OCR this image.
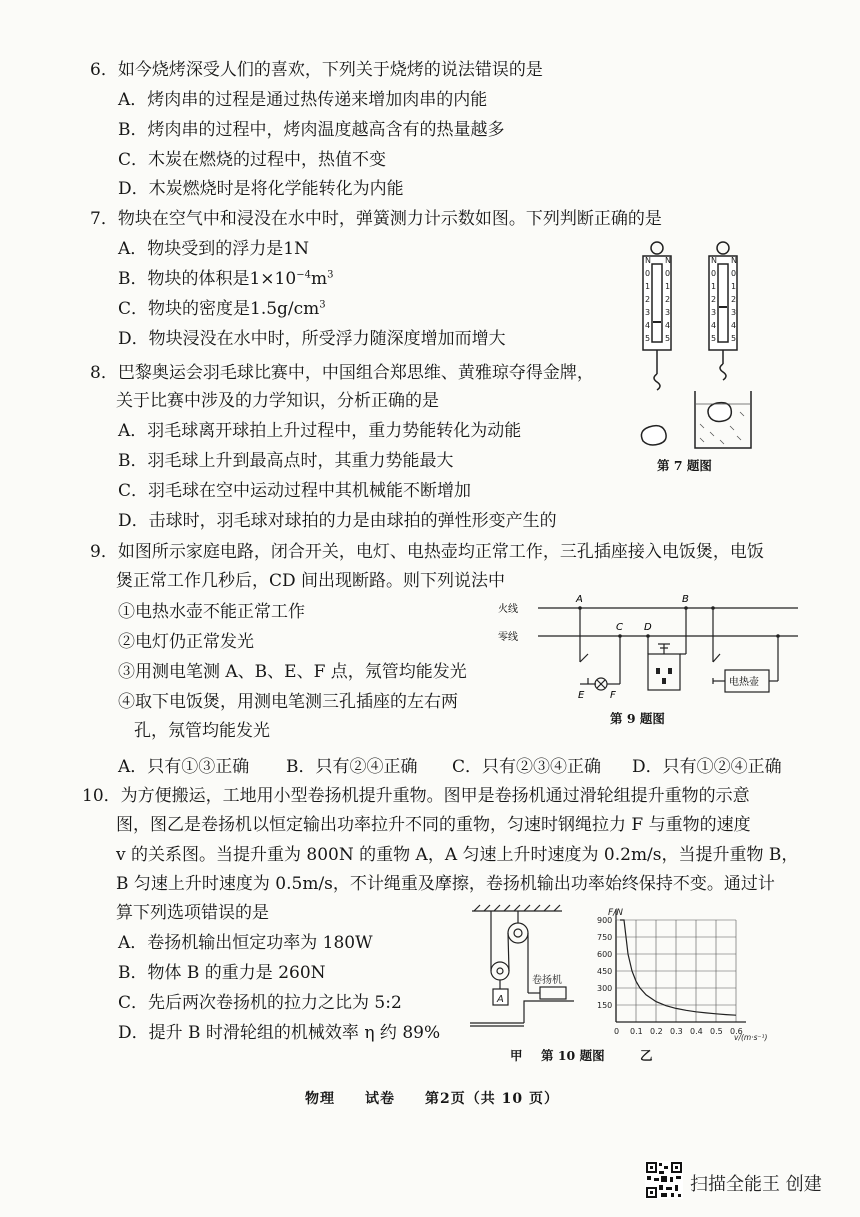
6．如今烧烤深受人们的喜欢，下列关于烧烤的说法错误的是
A．烤肉串的过程是通过热传递来增加肉串的内能
B．烤肉串的过程中，烤肉温度越高含有的热量越多
C．木炭在燃烧的过程中，热值不变
D．木炭燃烧时是将化学能转化为内能
7．物块在空气中和浸没在水中时，弹簧测力计示数如图。下列判断正确的是
A．物块受到的浮力是1N
B．物块的体积是$1\times 10^{-4}m^3$
C．物块的密度是$1.5g/cm^3$
D．物块浸没在水中时，所受浮力随深度增加而增大
N N
0 0
1 1
2 2
3 3
4 4
5 5
N N
0 0
1 1
2 2
3 3
4 4
5 5
第 7 题图
8．巴黎奥运会羽毛球比赛中，中国组合郑思维、黄雅琼夺得金牌，
关于比赛中涉及的力学知识，分析正确的是
A．羽毛球离开球拍上升过程中，重力势能转化为动能
B．羽毛球上升到最高点时，其重力势能最大
C．羽毛球在空中运动过程中其机械能不断增加
D．击球时，羽毛球对球拍的力是由球拍的弹性形变产生的
9．如图所示家庭电路，闭合开关，电灯、电热壶均正常工作，三孔插座接入电饭煲，电饭
煲正常工作几秒后，CD 间出现断路。则下列说法中
①电热水壶不能正常工作
②电灯仍正常发光
③用测电笔测 A、B、E、F 点，氖管均能发光
④取下电饭煲，用测电笔测三孔插座的左右两
孔，氖管均能发光
火线
零线
A
C D
B
E	F
电热壶
第 9 题图
A．只有①③正确 B．只有②④正确 C．只有②③④正确 D．只有①②④正确
10．为方便搬运，工地用小型卷扬机提升重物。图甲是卷扬机通过滑轮组提升重物的示意
图，图乙是卷扬机以恒定输出功率拉升不同的重物，匀速时钢绳拉力 F 与重物的速度
v 的关系图。当提升重为 800N 的重物 A，A 匀速上升时速度为 0.2m/s，当提升重物 B，
B 匀速上升时速度为 0.5m/s，不计绳重及摩擦，卷扬机输出功率始终保持不变。通过计
算下列选项错误的是
A．卷扬机输出恒定功率为 180W
B．物体 B 的重力是 260N
C．先后两次卷扬机的拉力之比为 5:2
D．提升 B 时滑轮组的机械效率 η 约 89%
A
卷扬机
0 0.1 0.2 0.3 0.4 0.5 0.6
150
300
450
600
750
900
F/N
v/(m·s⁻¹)
甲 第 10 题图	乙
物理　　试卷　　第2页（共 10 页）
扫描全能王 创建
